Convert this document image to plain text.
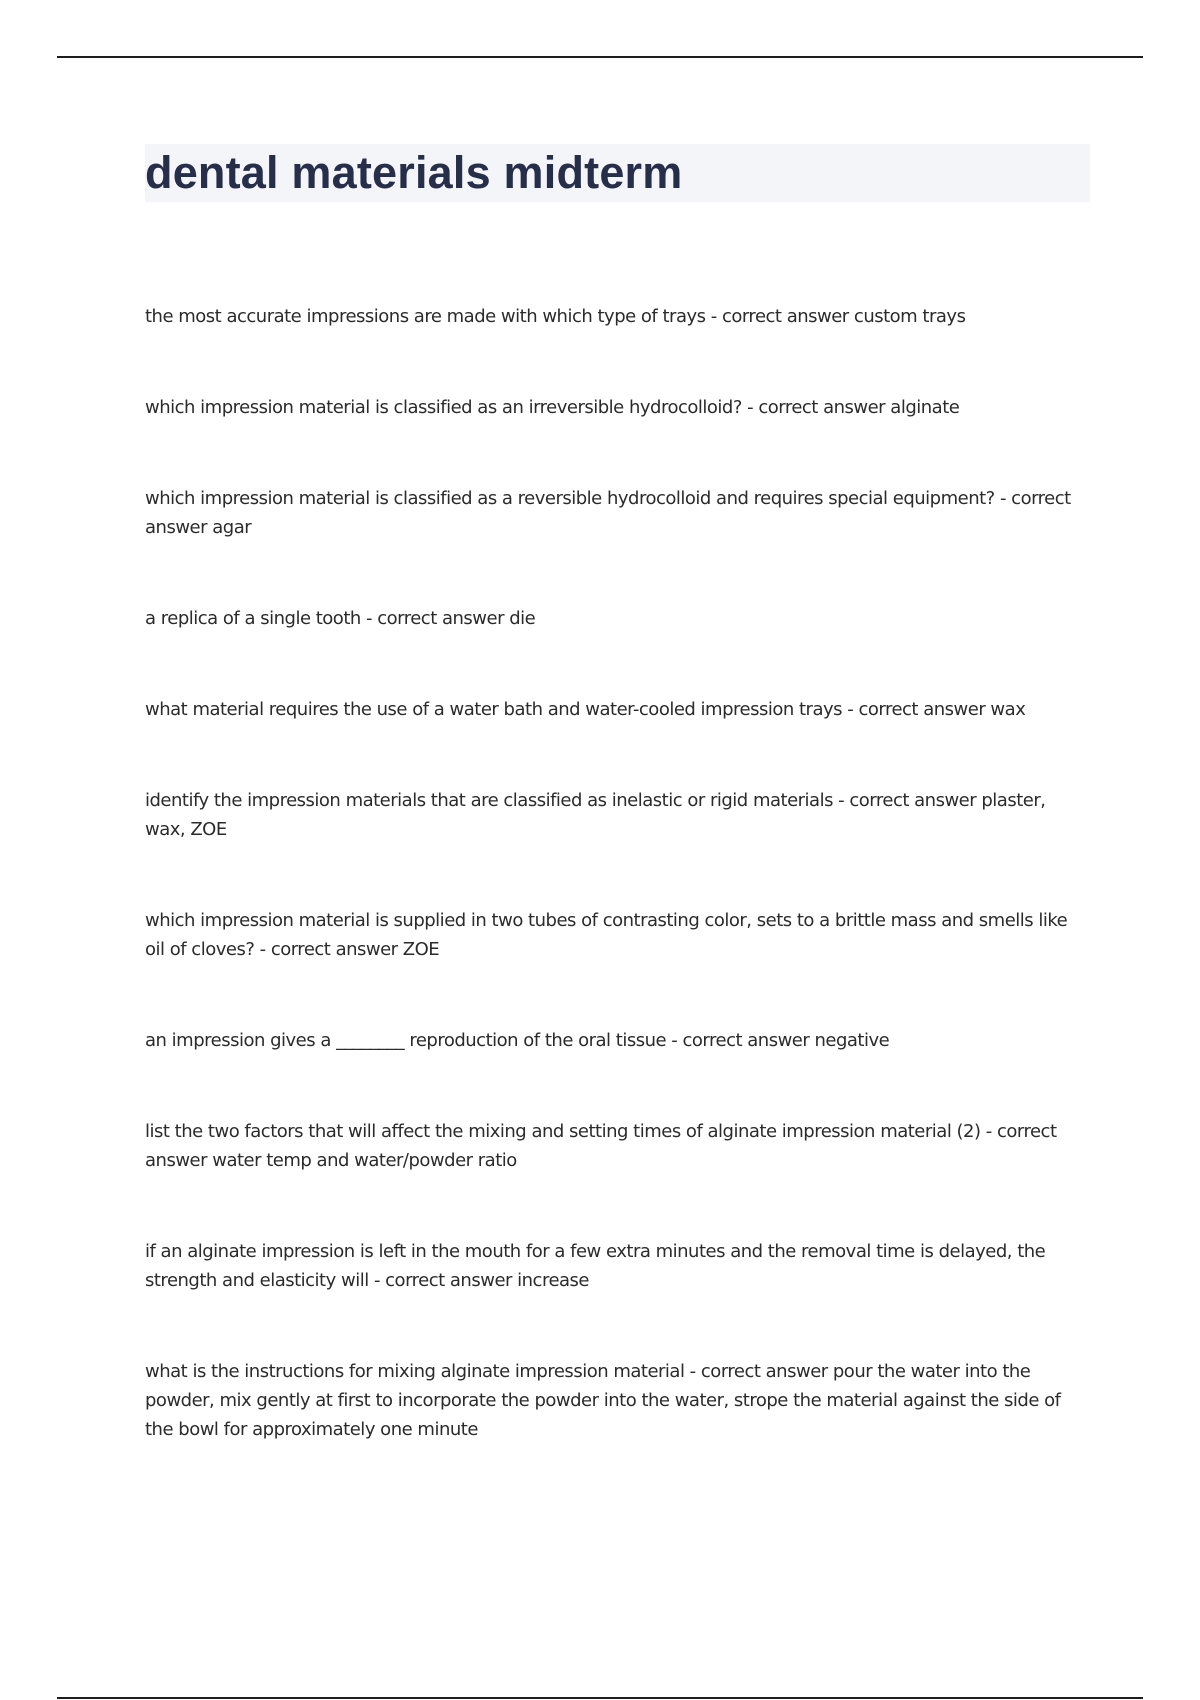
dental materials midterm

the most accurate impressions are made with which type of trays - correct answer custom trays

which impression material is classified as an irreversible hydrocolloid? - correct answer alginate

which impression material is classified as a reversible hydrocolloid and requires special equipment? - correct answer agar

a replica of a single tooth - correct answer die

what material requires the use of a water bath and water-cooled impression trays - correct answer wax

identify the impression materials that are classified as inelastic or rigid materials - correct answer plaster, wax, ZOE

which impression material is supplied in two tubes of contrasting color, sets to a brittle mass and smells like oil of cloves? - correct answer ZOE

an impression gives a ________ reproduction of the oral tissue - correct answer negative

list the two factors that will affect the mixing and setting times of alginate impression material (2) - correct answer water temp and water/powder ratio

if an alginate impression is left in the mouth for a few extra minutes and the removal time is delayed, the strength and elasticity will - correct answer increase

what is the instructions for mixing alginate impression material - correct answer pour the water into the powder, mix gently at first to incorporate the powder into the water, strope the material against the side of the bowl for approximately one minute
